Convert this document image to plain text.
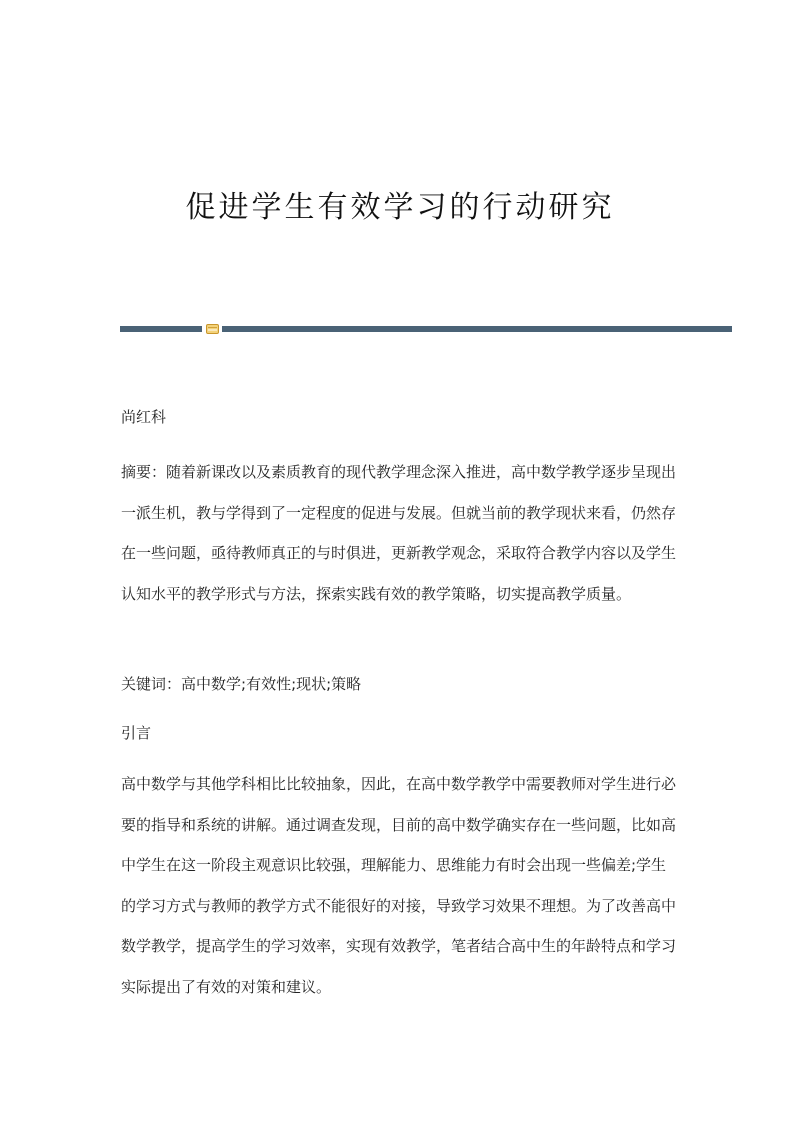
促进学生有效学习的行动研究
尚红科
摘要：随着新课改以及素质教育的现代教学理念深入推进，高中数学教学逐步呈现出一派生机，教与学得到了一定程度的促进与发展。但就当前的教学现状来看，仍然存在一些问题，亟待教师真正的与时俱进，更新教学观念，采取符合教学内容以及学生认知水平的教学形式与方法，探索实践有效的教学策略，切实提高教学质量。
关键词：高中数学;有效性;现状;策略
引言
高中数学与其他学科相比比较抽象，因此，在高中数学教学中需要教师对学生进行必要的指导和系统的讲解。通过调查发现，目前的高中数学确实存在一些问题，比如高中学生在这一阶段主观意识比较强，理解能力、思维能力有时会出现一些偏差;学生的学习方式与教师的教学方式不能很好的对接，导致学习效果不理想。为了改善高中数学教学，提高学生的学习效率，实现有效教学，笔者结合高中生的年龄特点和学习实际提出了有效的对策和建议。
